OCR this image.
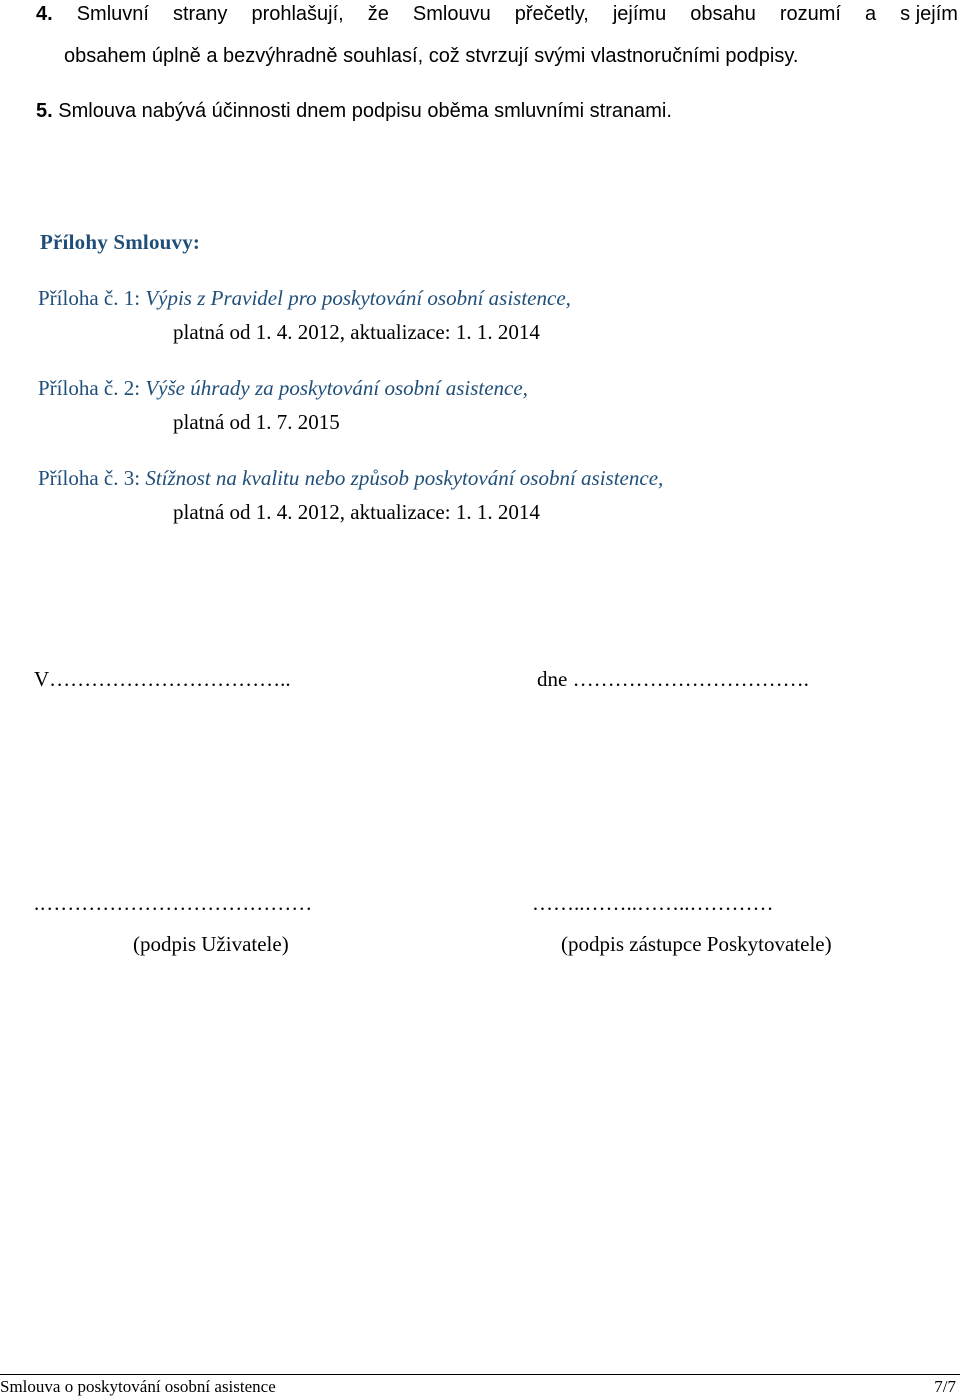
4. Smluvní strany prohlašují, že Smlouvu přečetly, jejímu obsahu rozumí a s jejím
obsahem úplně a bezvýhradně souhlasí, což stvrzují svými vlastnoručními podpisy.
5. Smlouva nabývá účinnosti dnem podpisu oběma smluvními stranami.
Přílohy Smlouvy:
Příloha č. 1: Výpis z Pravidel pro poskytování osobní asistence,
platná od 1. 4. 2012, aktualizace: 1. 1. 2014
Příloha č. 2: Výše úhrady za poskytování osobní asistence,
platná od 1. 7. 2015
Příloha č. 3: Stížnost na kvalitu nebo způsob poskytování osobní asistence,
platná od 1. 4. 2012, aktualizace: 1. 1. 2014
V……………………………..	dne …………………………….
.…………………………………	……..……..……..…………
(podpis Uživatele)	(podpis zástupce Poskytovatele)
Smlouva o poskytování osobní asistence	7/7
